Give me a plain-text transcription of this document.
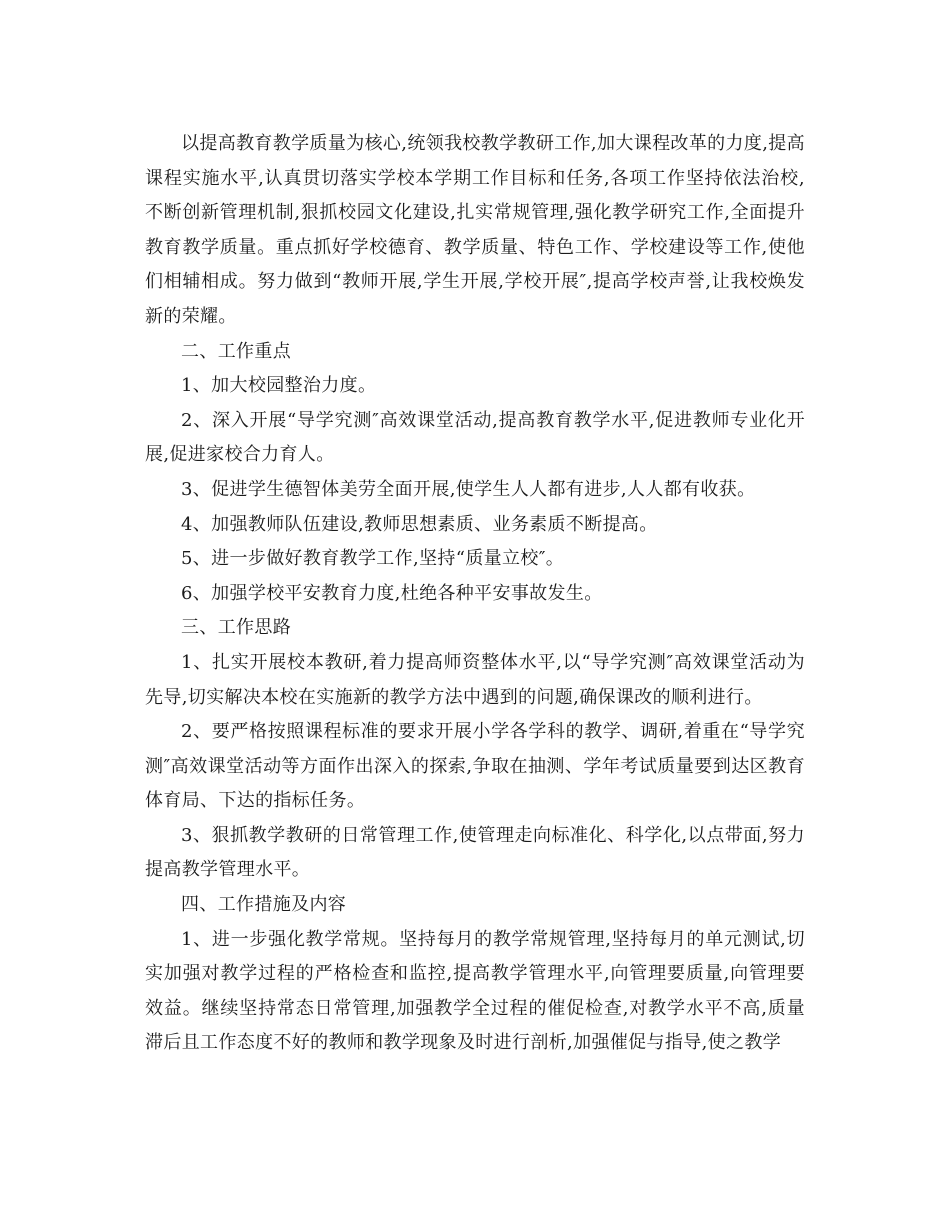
以提高教育教学质量为核心,统领我校教学教研工作,加大课程改革的力度,提高课程实施水平,认真贯切落实学校本学期工作目标和任务,各项工作坚持依法治校,不断创新管理机制,狠抓校园文化建设,扎实常规管理,强化教学研究工作,全面提升教育教学质量。重点抓好学校德育、教学质量、特色工作、学校建设等工作,使他们相辅相成。努力做到“教师开展,学生开展,学校开展″,提高学校声誉,让我校焕发新的荣耀。

二、工作重点

1、加大校园整治力度。

2、深入开展“导学究测″高效课堂活动,提高教育教学水平,促进教师专业化开展,促进家校合力育人。

3、促进学生德智体美劳全面开展,使学生人人都有进步,人人都有收获。

4、加强教师队伍建设,教师思想素质、业务素质不断提高。

5、进一步做好教育教学工作,坚持“质量立校″。

6、加强学校平安教育力度,杜绝各种平安事故发生。

三、工作思路

1、扎实开展校本教研,着力提高师资整体水平,以“导学究测″高效课堂活动为先导,切实解决本校在实施新的教学方法中遇到的问题,确保课改的顺利进行。

2、要严格按照课程标准的要求开展小学各学科的教学、调研,着重在“导学究测″高效课堂活动等方面作出深入的探索,争取在抽测、学年考试质量要到达区教育体育局、下达的指标任务。

3、狠抓教学教研的日常管理工作,使管理走向标准化、科学化,以点带面,努力提高教学管理水平。

四、工作措施及内容

1、进一步强化教学常规。坚持每月的教学常规管理,坚持每月的单元测试,切实加强对教学过程的严格检查和监控,提高教学管理水平,向管理要质量,向管理要效益。继续坚持常态日常管理,加强教学全过程的催促检查,对教学水平不高,质量滞后且工作态度不好的教师和教学现象及时进行剖析,加强催促与指导,使之教学
